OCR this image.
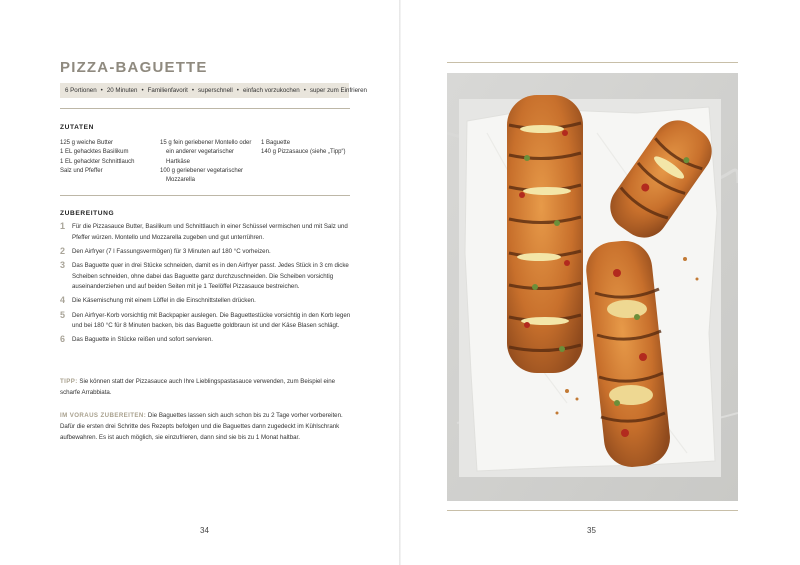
PIZZA-BAGUETTE
6 Portionen • 20 Minuten • Familienfavorit • superschnell • einfach vorzukochen • super zum Einfrieren
ZUTATEN
125 g weiche Butter
1 EL gehacktes Basilikum
1 EL gehackter Schnittlauch
Salz und Pfeffer
15 g fein geriebener Montello oder
ein anderer vegetarischer
Hartkäse
100 g geriebener vegetarischer
Mozzarella
1 Baguette
140 g Pizzasauce (siehe „Tipp“)
ZUBEREITUNG
1 Für die Pizzasauce Butter, Basilikum und Schnittlauch in einer Schüssel vermischen und mit Salz und Pfeffer würzen. Montello und Mozzarella zugeben und gut unterrühren.
2 Den Airfryer (7 l Fassungsvermögen) für 3 Minuten auf 180 °C vorheizen.
3 Das Baguette quer in drei Stücke schneiden, damit es in den Airfryer passt. Jedes Stück in 3 cm dicke Scheiben schneiden, ohne dabei das Baguette ganz durchzuschneiden. Die Scheiben vorsichtig auseinanderziehen und auf beiden Seiten mit je 1 Teelöffel Pizzasauce bestreichen.
4 Die Käsemischung mit einem Löffel in die Einschnittstellen drücken.
5 Den Airfryer-Korb vorsichtig mit Backpapier auslegen. Die Baguettestücke vorsichtig in den Korb legen und bei 180 °C für 8 Minuten backen, bis das Baguette goldbraun ist und der Käse Blasen schlägt.
6 Das Baguette in Stücke reißen und sofort servieren.
TIPP: Sie können statt der Pizzasauce auch Ihre Lieblingspastasauce verwenden, zum Beispiel eine scharfe Arrabbiata.
IM VORAUS ZUBEREITEN: Die Baguettes lassen sich auch schon bis zu 2 Tage vorher vorbereiten. Dafür die ersten drei Schritte des Rezepts befolgen und die Baguettes dann zugedeckt im Kühlschrank aufbewahren. Es ist auch möglich, sie einzufrieren, dann sind sie bis zu 1 Monat haltbar.
34	35
